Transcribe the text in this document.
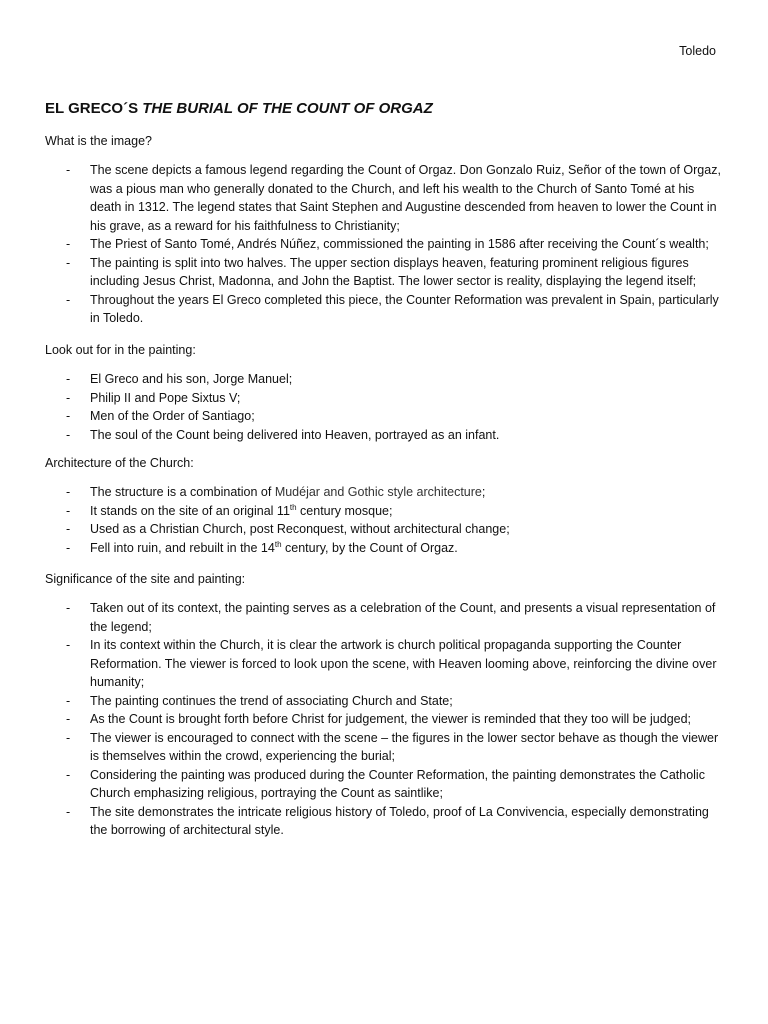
Toledo
EL GRECO´S THE BURIAL OF THE COUNT OF ORGAZ

What is the image?

- The scene depicts a famous legend regarding the Count of Orgaz. Don Gonzalo Ruiz, Señor of the town of Orgaz, was a pious man who generally donated to the Church, and left his wealth to the Church of Santo Tomé at his death in 1312. The legend states that Saint Stephen and Augustine descended from heaven to lower the Count in his grave, as a reward for his faithfulness to Christianity;
- The Priest of Santo Tomé, Andrés Núñez, commissioned the painting in 1586 after receiving the Count´s wealth;
- The painting is split into two halves. The upper section displays heaven, featuring prominent religious figures including Jesus Christ, Madonna, and John the Baptist. The lower sector is reality, displaying the legend itself;
- Throughout the years El Greco completed this piece, the Counter Reformation was prevalent in Spain, particularly in Toledo.

Look out for in the painting:

- El Greco and his son, Jorge Manuel;
- Philip II and Pope Sixtus V;
- Men of the Order of Santiago;
- The soul of the Count being delivered into Heaven, portrayed as an infant.

Architecture of the Church:

- The structure is a combination of Mudéjar and Gothic style architecture;
- It stands on the site of an original 11th century mosque;
- Used as a Christian Church, post Reconquest, without architectural change;
- Fell into ruin, and rebuilt in the 14th century, by the Count of Orgaz.

Significance of the site and painting:

- Taken out of its context, the painting serves as a celebration of the Count, and presents a visual representation of the legend;
- In its context within the Church, it is clear the artwork is church political propaganda supporting the Counter Reformation. The viewer is forced to look upon the scene, with Heaven looming above, reinforcing the divine over humanity;
- The painting continues the trend of associating Church and State;
- As the Count is brought forth before Christ for judgement, the viewer is reminded that they too will be judged;
- The viewer is encouraged to connect with the scene – the figures in the lower sector behave as though the viewer is themselves within the crowd, experiencing the burial;
- Considering the painting was produced during the Counter Reformation, the painting demonstrates the Catholic Church emphasizing religious, portraying the Count as saintlike;
- The site demonstrates the intricate religious history of Toledo, proof of La Convivencia, especially demonstrating the borrowing of architectural style.
